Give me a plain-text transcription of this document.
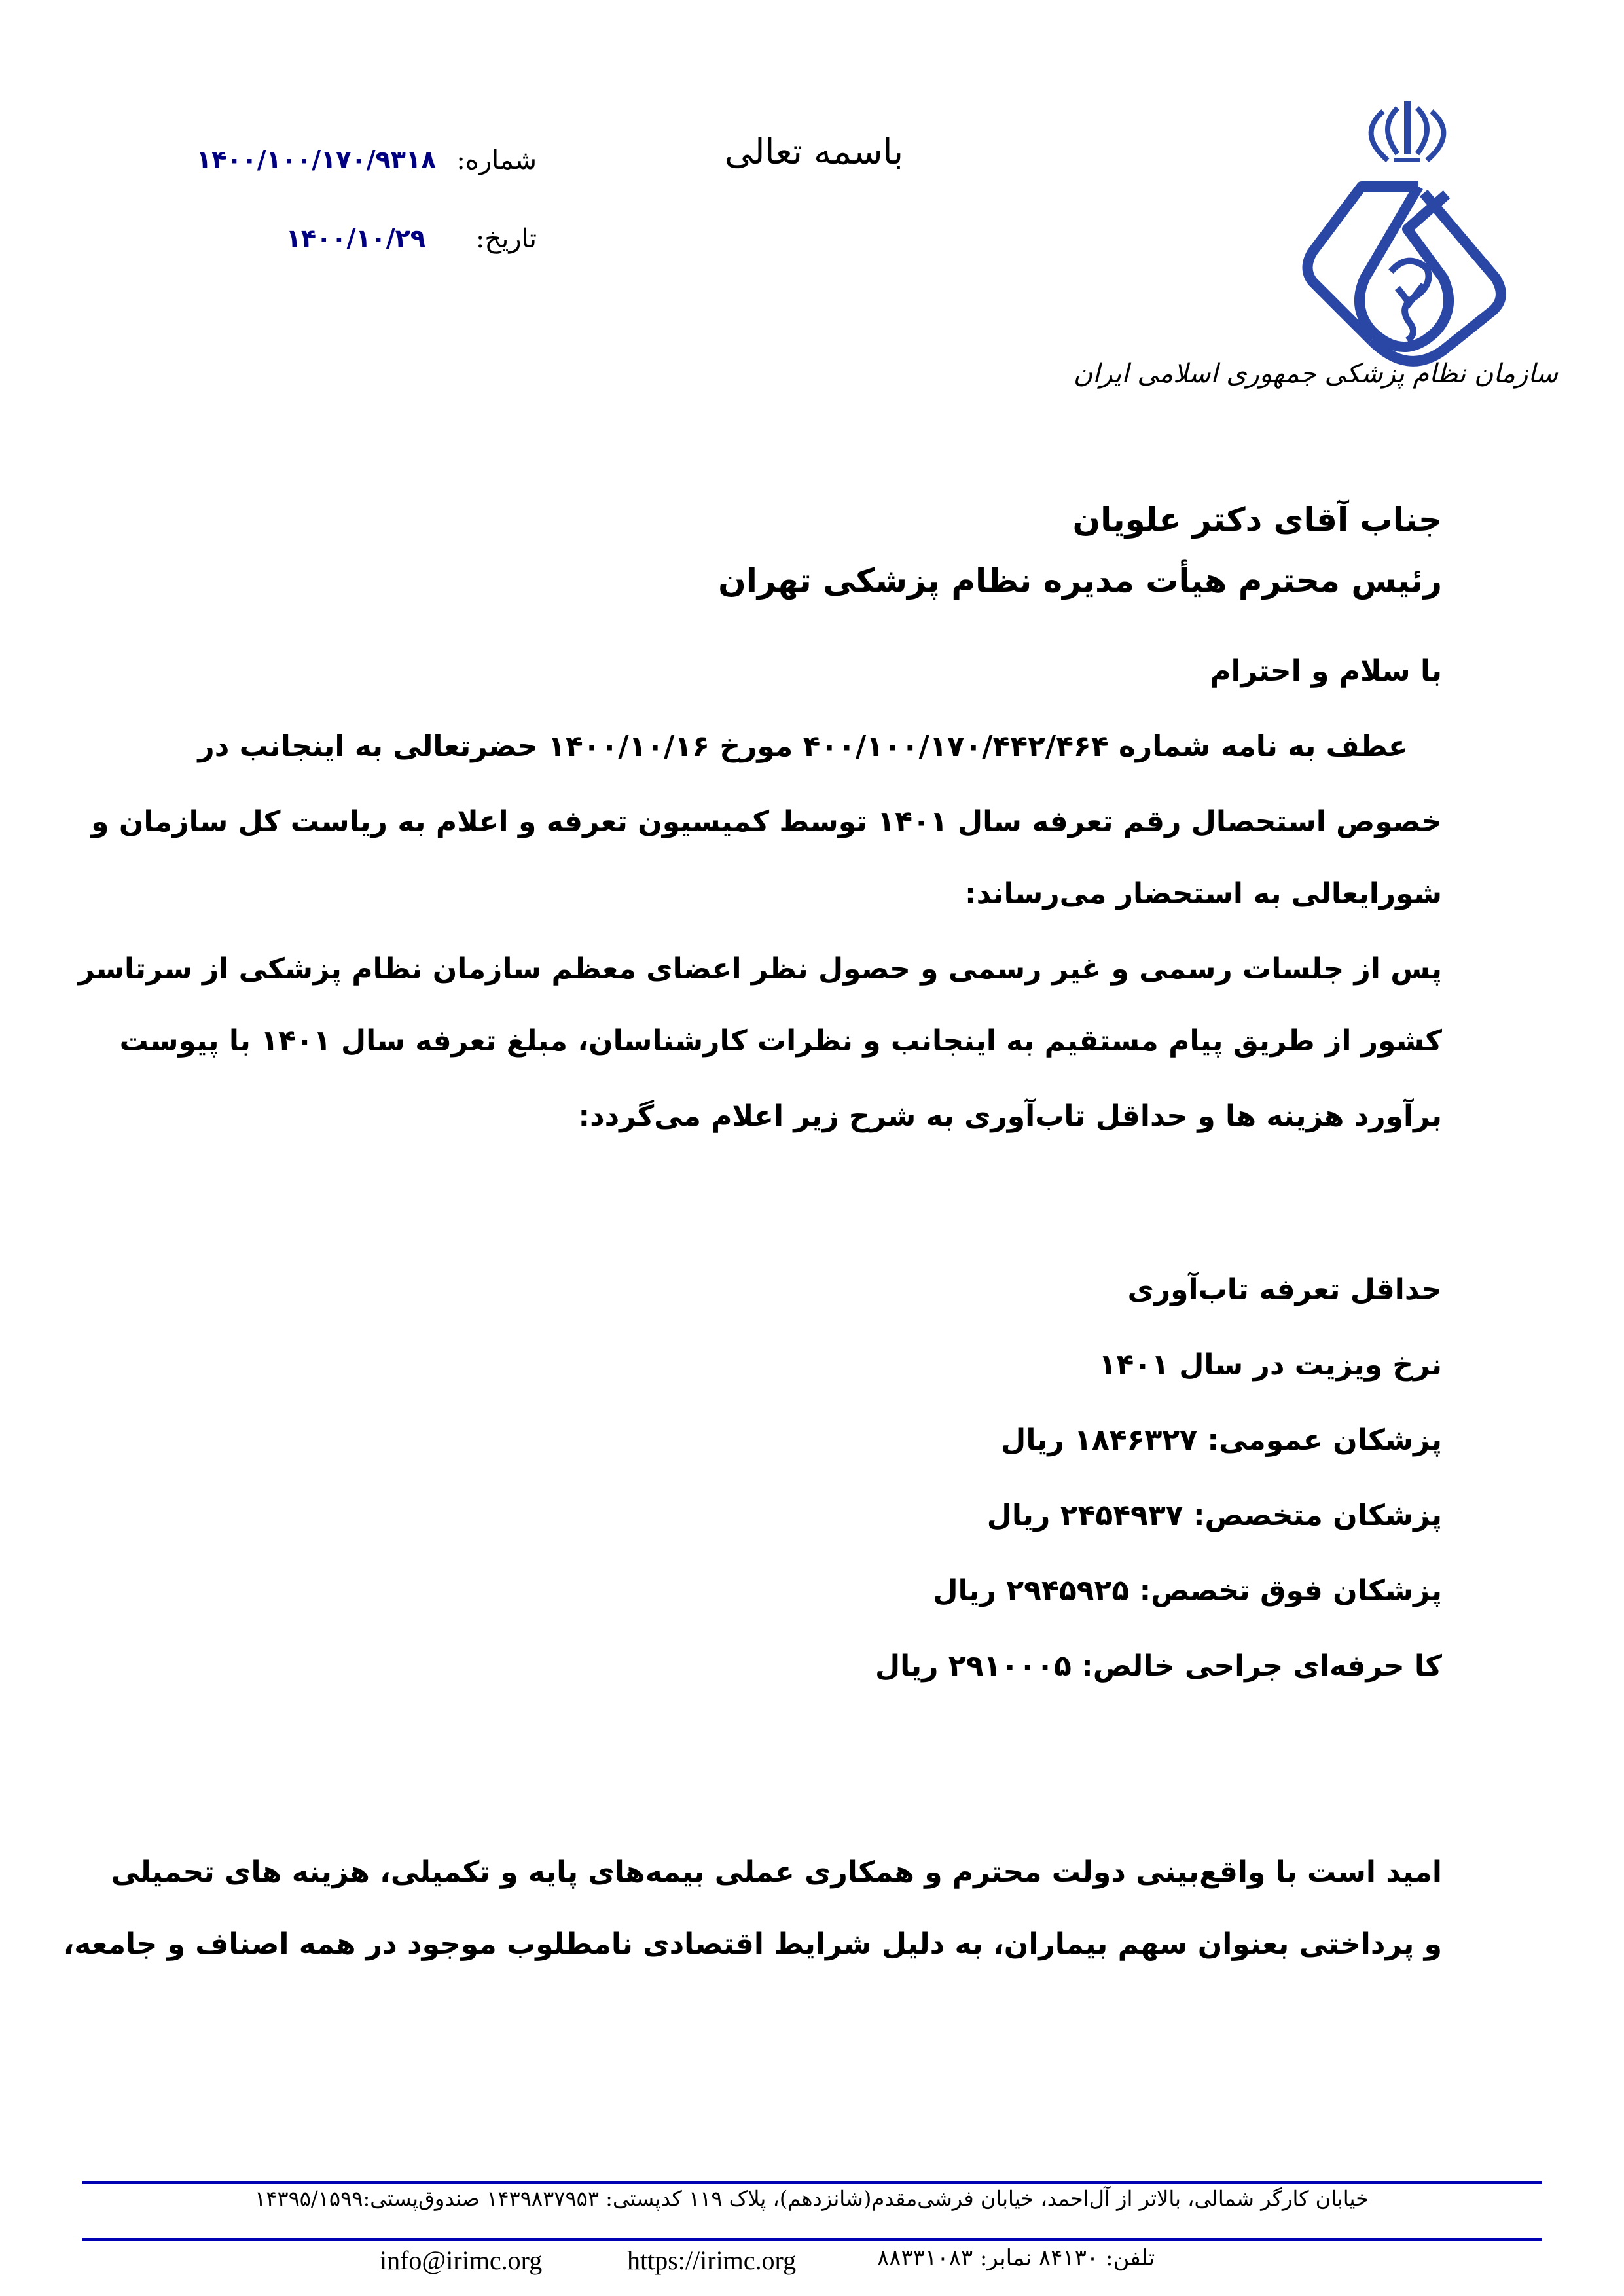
سازمان نظام پزشکی جمهوری اسلامی ایران
باسمه تعالی
شماره:
۱۴۰۰/۱۰۰/۱۷۰/۹۳۱۸
تاریخ:
۱۴۰۰/۱۰/۲۹
جناب آقای دکتر علویان
رئیس محترم هیأت مدیره نظام پزشکی تهران
با سلام و احترام
عطف به نامه شماره ۴۰۰/۱۰۰/۱۷۰/۴۴۲/۴۶۴ مورخ ۱۴۰۰/۱۰/۱۶ حضرتعالی به اینجانب در
خصوص استحصال رقم تعرفه سال ۱۴۰۱ توسط کمیسیون تعرفه و اعلام به ریاست کل سازمان و
شورایعالی به استحضار می‌رساند:
پس از جلسات رسمی و غیر رسمی و حصول نظر اعضای معظم سازمان نظام پزشکی از سرتاسر
کشور از طریق پیام مستقیم به اینجانب و نظرات کارشناسان، مبلغ تعرفه سال ۱۴۰۱ با پیوست
برآورد هزینه ها و حداقل تاب‌آوری به شرح زیر اعلام می‌گردد:
حداقل تعرفه تاب‌آوری
نرخ ویزیت در سال ۱۴۰۱
پزشکان عمومی: ۱۸۴۶۳۲۷ ریال
پزشکان متخصص: ۲۴۵۴۹۳۷ ریال
پزشکان فوق تخصص: ۲۹۴۵۹۲۵ ریال
کا حرفه‌ای جراحی خالص: ۲۹۱۰۰۰۵ ریال
امید است با واقع‌بینی دولت محترم و همکاری عملی بیمه‌های پایه و تکمیلی، هزینه های تحمیلی
و پرداختی بعنوان سهم بیماران، به دلیل شرایط اقتصادی نامطلوب موجود در همه اصناف و جامعه،
خیابان کارگر شمالی، بالاتر از آل‌احمد، خیابان فرشی‌مقدم(شانزدهم)، پلاک ۱۱۹ کدپستی: ۱۴۳۹۸۳۷۹۵۳ صندوق‌پستی:۱۴۳۹۵/۱۵۹۹
info@irimc.org	https://irimc.org	تلفن: ۸۴۱۳۰ نمابر: ۸۸۳۳۱۰۸۳
